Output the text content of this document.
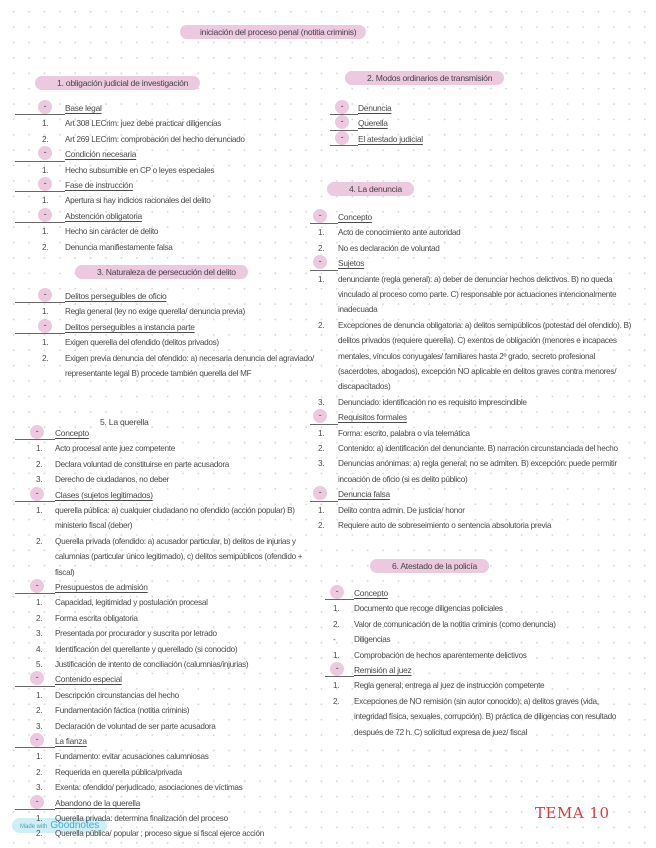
iniciación del proceso penal (notitia criminis)
TEMA 10
Made with Goodnotes
1. obligación judicial de investigación
-	Base legal
1. Art 308 LECrim: juez debe practicar diligencias
2. Art 269 LECrim: comprobación del hecho denunciado
-	Condición necesaria
1. Hecho subsumible en CP o leyes especiales
-	Fase de instrucción
1. Apertura si hay indicios racionales del delito
-	Abstención obligatoria
1. Hecho sin carácter de delito
2. Denuncia manifiestamente falsa
3. Naturaleza de persecución del delito
-	Delitos perseguibles de oficio
1. Regla general (ley no exige querella/ denuncia previa)
-	Delitos perseguibles a instancia parte
1. Exigen querella del ofendido (delitos privados)
2. Exigen previa denuncia del ofendido: a) necesaria denuncia del agraviado/ representante legal B) procede también querella del MF
5. La querella
-	Concepto
1. Acto procesal ante juez competente
2. Declara voluntad de constituirse en parte acusadora
3. Derecho de ciudadanos, no deber
-	Clases (sujetos legitimados)
1. querella pública: a) cualquier ciudadano no ofendido (acción popular) B) ministerio fiscal (deber)
2. Querella privada (ofendido: a) acusador particular, b) delitos de injurias y calumnias (particular único legitimado), c) delitos semipúblicos (ofendido + fiscal)
-	Presupuestos de admisión
1. Capacidad, legitimidad y postulación procesal
2. Forma escrita obligatoria
3. Presentada por procurador y suscrita por letrado
4. Identificación del querellante y querellado (si conocido)
5. Justificación de intento de conciliación (calumnias/injurias)
-	Contenido especial
1. Descripción circunstancias del hecho
2. Fundamentación fáctica (notitia criminis)
3. Declaración de voluntad de ser parte acusadora
-	La fianza
1. Fundamento: evitar acusaciones calumniosas
2. Requerida en querella pública/privada
3. Exenta: ofendido/ perjudicado, asociaciones de víctimas
-	Abandono de la querella
1. Querella privada: determina finalización del proceso
2. Querella pública/ popular ; proceso sigue si fiscal ejerce acción
2. Modos ordinarios de transmisión
-	Denuncia
-	Querella
-	El atestado judicial
4. La denuncia
-	Concepto
1. Acto de conocimiento ante autoridad
2. No es declaración de voluntad
-	Sujetos
1. denunciante (regla general): a) deber de denunciar hechos delictivos. B) no queda vinculado al proceso como parte. C) responsable por actuaciones intencionalmente inadecuada
2. Excepciones de denuncia obligatoria: a) delitos semipúblicos (potestad del ofendido). B) delitos privados (requiere querella). C) exentos de obligación (menores e incapaces mentales, vínculos conyugales/ familiares hasta 2º grado, secreto profesional (sacerdotes, abogados), excepción NO aplicable en delitos graves contra menores/ discapacitados)
3. Denunciado: identificación no es requisito imprescindible
-	Requisitos formales
1. Forma: escrito, palabra o vía telemática
2. Contenido: a) identificación del denunciante. B) narración circunstanciada del hecho
3. Denuncias anónimas: a) regla general; no se admiten. B) excepción: puede permitir incoación de oficio (si es delito público)
-	Denuncia falsa
1. Delito contra admin. De justicia/ honor
2. Requiere auto de sobreseimiento o sentencia absolutoria previa
6. Atestado de la policía
-	Concepto
1. Documento que recoge diligencias policiales
2. Valor de comunicación de la notitia criminis (como denuncia)
- Diligencias
1. Comprobación de hechos aparentemente delictivos
-	Remisión al juez
1. Regla general; entrega al juez de instrucción competente
2. Excepciones de NO remisión (sin autor conocido): a) delitos graves (vida, integridad física, sexuales, corrupción). B) práctica de diligencias con resultado después de 72 h. C) solicitud expresa de juez/ fiscal
